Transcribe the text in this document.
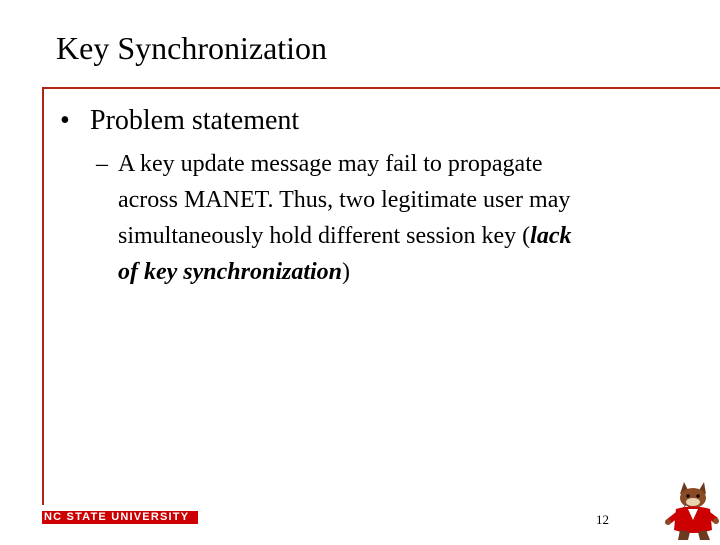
Key Synchronization
• Problem statement
– A key update message may fail to propagate
across MANET. Thus, two legitimate user may
simultaneously hold different session key (lack
of key synchronization)
NC STATE UNIVERSITY	12
